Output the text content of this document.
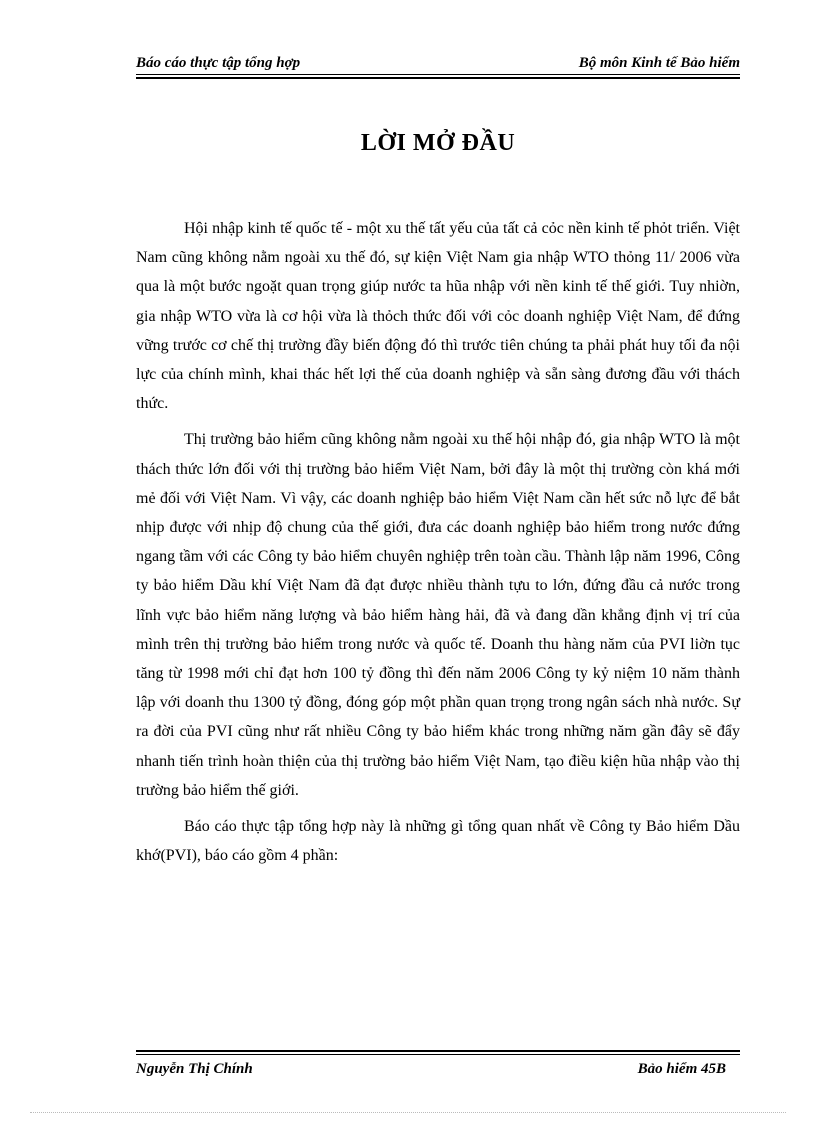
Báo cáo thực tập tổng hợp	Bộ môn Kinh tế Bảo hiểm
LỜI MỞ ĐẦU

Hội nhập kinh tế quốc tế - một xu thế tất yếu của tất cả cỏc nền kinh tế phỏt triển. Việt Nam cũng không nằm ngoài xu thế đó, sự kiện Việt Nam gia nhập WTO thỏng 11/ 2006 vừa qua là một bước ngoặt quan trọng giúp nước ta hũa nhập với nền kinh tế thế giới. Tuy nhiờn, gia nhập WTO vừa là cơ hội vừa là thỏch thức đối với cỏc doanh nghiệp Việt Nam, để đứng vững trước cơ chế thị trường đầy biến động đó thì trước tiên chúng ta phải phát huy tối đa nội lực của chính mình, khai thác hết lợi thế của doanh nghiệp và sẵn sàng đương đầu với thách thức.

Thị trường bảo hiểm cũng không nằm ngoài xu thế hội nhập đó, gia nhập WTO là một thách thức lớn đối với thị trường bảo hiểm Việt Nam, bởi đây là một thị trường còn khá mới mẻ đối với Việt Nam. Vì vậy, các doanh nghiệp bảo hiểm Việt Nam cần hết sức nỗ lực để bắt nhịp được với nhịp độ chung của thế giới, đưa các doanh nghiệp bảo hiểm trong nước đứng ngang tầm với các Công ty bảo hiểm chuyên nghiệp trên toàn cầu. Thành lập năm 1996, Công ty bảo hiểm Dầu khí Việt Nam đã đạt được nhiều thành tựu to lớn, đứng đầu cả nước trong lĩnh vực bảo hiểm năng lượng và bảo hiểm hàng hải, đã và đang dần khẳng định vị trí của mình trên thị trường bảo hiểm trong nước và quốc tế. Doanh thu hàng năm của PVI liờn tục tăng từ 1998 mới chỉ đạt hơn 100 tỷ đồng thì đến năm 2006 Công ty kỷ niệm 10 năm thành lập với doanh thu 1300 tỷ đồng, đóng góp một phần quan trọng trong ngân sách nhà nước. Sự ra đời của PVI cũng như rất nhiều Công ty bảo hiểm khác trong những năm gần đây sẽ đẩy nhanh tiến trình hoàn thiện của thị trường bảo hiểm Việt Nam, tạo điều kiện hũa nhập vào thị trường bảo hiểm thế giới.

Báo cáo thực tập tổng hợp này là những gì tổng quan nhất về Công ty Bảo hiểm Dầu khớ(PVI), báo cáo gồm 4 phần:

Nguyễn Thị Chính	Bảo hiểm 45B
